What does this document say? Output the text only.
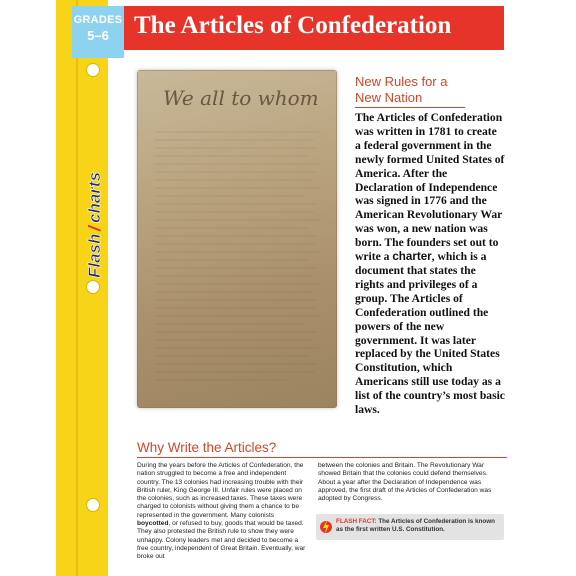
GRADES
5–6	The Articles of Confederation
Flash
/
charts
We all to whom
New Rules for a
New Nation
The Articles of Confederation was written in 1781 to create a federal government in the newly formed United States of America. After the Declaration of Independence was signed in 1776 and the American Revolutionary War was won, a new nation was born. The founders set out to write a charter, which is a document that states the rights and privileges of a group. The Articles of Confederation outlined the powers of the new government. It was later replaced by the United States Constitution, which Americans still use today as a list of the country’s most basic laws.
Why Write the Articles?
During the years before the Articles of Confederation, the nation struggled to become a free and independent country. The 13 colonies had increasing trouble with their British ruler, King George III. Unfair rules were placed on the colonies, such as increased taxes. These taxes were charged to colonists without giving them a chance to be represented in the government. Many colonists boycotted, or refused to buy, goods that would be taxed. They also protested the British rule to show they were unhappy. Colony leaders met and decided to become a free country, independent of Great Britain. Eventually, war broke out
between the colonies and Britain. The Revolutionary War showed Britain that the colonies could defend themselves. About a year after the Declaration of Independence was approved, the first draft of the Articles of Confederation was adopted by Congress.
FLASH FACT: The Articles of Confederation is known as the first written U.S. Constitution.
